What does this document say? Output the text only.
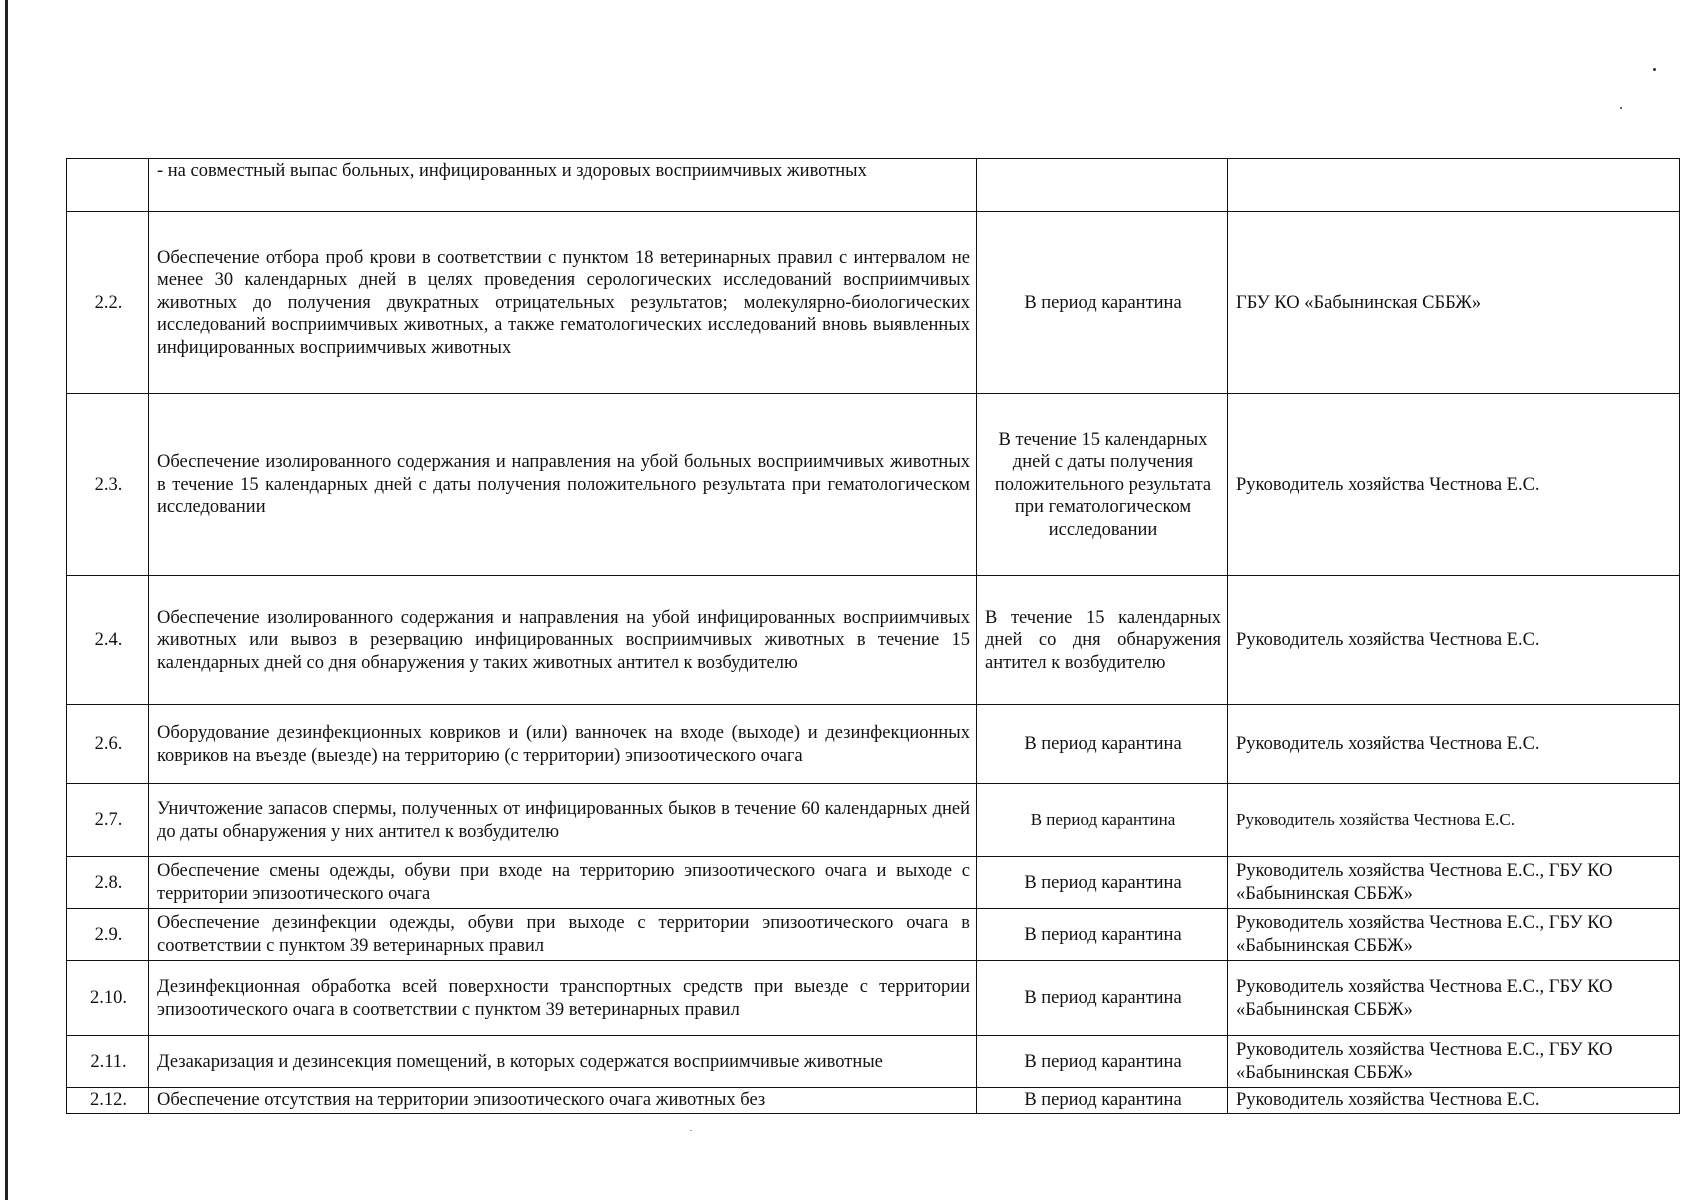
	- на совместный выпас больных, инфицированных и здоровых восприимчивых животных		
2.2.	Обеспечение отбора проб крови в соответствии с пунктом 18 ветеринарных правил с интервалом не менее 30 календарных дней в целях проведения серологических исследований восприимчивых животных до получения двукратных отрицательных результатов; молекулярно-биологических исследований восприимчивых животных, а также гематологических исследований вновь выявленных инфицированных восприимчивых животных	В период карантина	ГБУ КО «Бабынинская СББЖ»
2.3.	Обеспечение изолированного содержания и направления на убой больных восприимчивых животных в течение 15 календарных дней с даты получения положительного результата при гематологическом исследовании	В течение 15 календарных дней с даты получения положительного результата при гематологическом исследовании	Руководитель хозяйства Честнова Е.С.
2.4.	Обеспечение изолированного содержания и направления на убой инфицированных восприимчивых животных или вывоз в резервацию инфицированных восприимчивых животных в течение 15 календарных дней со дня обнаружения у таких животных антител к возбудителю	В течение 15 календарных дней со дня обнаружения антител к возбудителю	Руководитель хозяйства Честнова Е.С.
2.6.	Оборудование дезинфекционных ковриков и (или) ванночек на входе (выходе) и дезинфекционных ковриков на въезде (выезде) на территорию (с территории) эпизоотического очага	В период карантина	Руководитель хозяйства Честнова Е.С.
2.7.	Уничтожение запасов спермы, полученных от инфицированных быков в течение 60 календарных дней до даты обнаружения у них антител к возбудителю	В период карантина	Руководитель хозяйства Честнова Е.С.
2.8.	Обеспечение смены одежды, обуви при входе на территорию эпизоотического очага и выходе с территории эпизоотического очага	В период карантина	Руководитель хозяйства Честнова Е.С., ГБУ КО «Бабынинская СББЖ»
2.9.	Обеспечение дезинфекции одежды, обуви при выходе с территории эпизоотического очага в соответствии с пунктом 39 ветеринарных правил	В период карантина	Руководитель хозяйства Честнова Е.С., ГБУ КО «Бабынинская СББЖ»
2.10.	Дезинфекционная обработка всей поверхности транспортных средств при выезде с территории эпизоотического очага в соответствии с пунктом 39 ветеринарных правил	В период карантина	Руководитель хозяйства Честнова Е.С., ГБУ КО «Бабынинская СББЖ»
2.11.	Дезакаризация и дезинсекция помещений, в которых содержатся восприимчивые животные	В период карантина	Руководитель хозяйства Честнова Е.С., ГБУ КО «Бабынинская СББЖ»
2.12.	Обеспечение отсутствия на территории эпизоотического очага животных без	В период карантина	Руководитель хозяйства Честнова Е.С.
